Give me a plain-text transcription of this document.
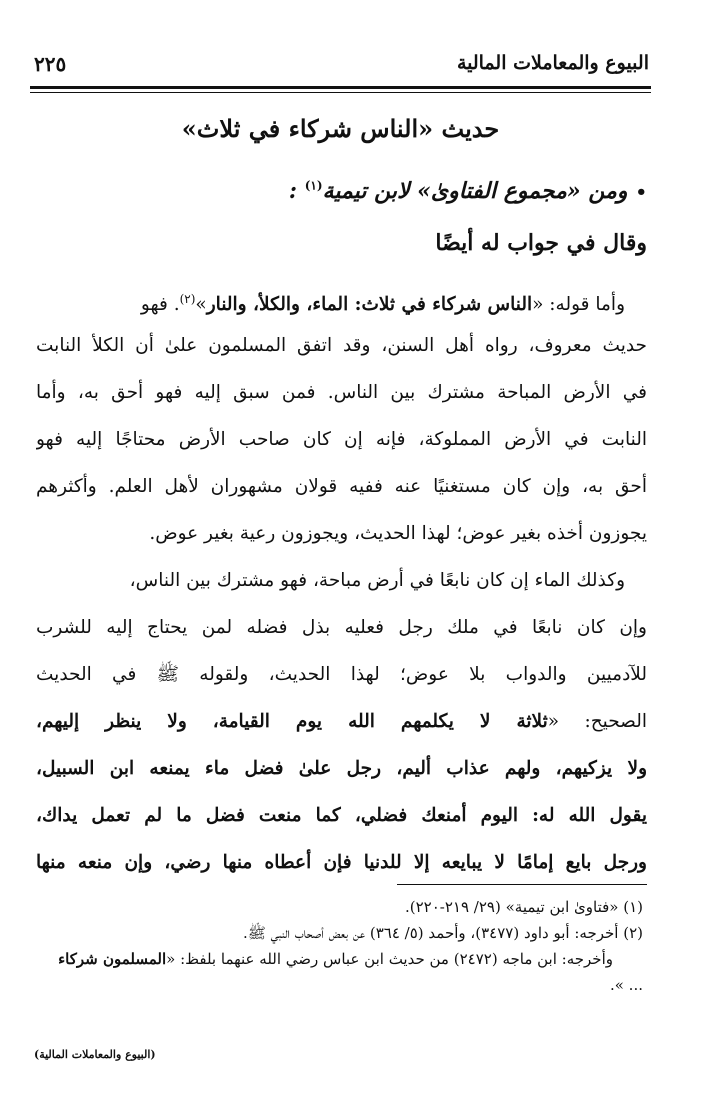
البيوع والمعاملات المالية
٢٢٥
حديث «الناس شركاء في ثلاث»
•ومن «مجموع الفتاوىٰ» لابن تيمية$^{(١)}$ :
وقال في جواب له أيضًا
وأما قوله: «الناس شركاء في ثلاث: الماء، والكلأ، والنار»$^{(٢)}$. فهو
حديث معروف، رواه أهل السنن، وقد اتفق المسلمون علىٰ أن الكلأ النابت
في الأرض المباحة مشترك بين الناس. فمن سبق إليه فهو أحق به، وأما
النابت في الأرض المملوكة، فإنه إن كان صاحب الأرض محتاجًا إليه فهو
أحق به، وإن كان مستغنيًا عنه ففيه قولان مشهوران لأهل العلم. وأكثرهم
يجوزون أخذه بغير عوض؛ لهذا الحديث، ويجوزون رعية بغير عوض.
وكذلك الماء إن كان نابعًا في أرض مباحة، فهو مشترك بين الناس،
وإن كان نابعًا في ملك رجل فعليه بذل فضله لمن يحتاج إليه للشرب
للآدميين والدواب بلا عوض؛ لهذا الحديث، ولقوله ﷺ في الحديث
الصحيح: «ثلاثة لا يكلمهم الله يوم القيامة، ولا ينظر إليهم،
ولا يزكيهم، ولهم عذاب أليم، رجل علىٰ فضل ماء يمنعه ابن السبيل،
يقول الله له: اليوم أمنعك فضلي، كما منعت فضل ما لم تعمل يداك،
ورجل بايع إمامًا لا يبايعه إلا للدنيا فإن أعطاه منها رضي، وإن منعه منها
(١) «فتاوىٰ ابن تيمية» (٢٩/ ٢١٩-٢٢٠).
(٢) أخرجه: أبو داود (٣٤٧٧)، وأحمد (٥/ ٣٦٤) عن بعض أصحاب النبي ﷺ.
وأخرجه: ابن ماجه (٢٤٧٢) من حديث ابن عباس رضي الله عنهما بلفظ: «المسلمون شركاء
... ».
(البيوع والمعاملات المالية)
